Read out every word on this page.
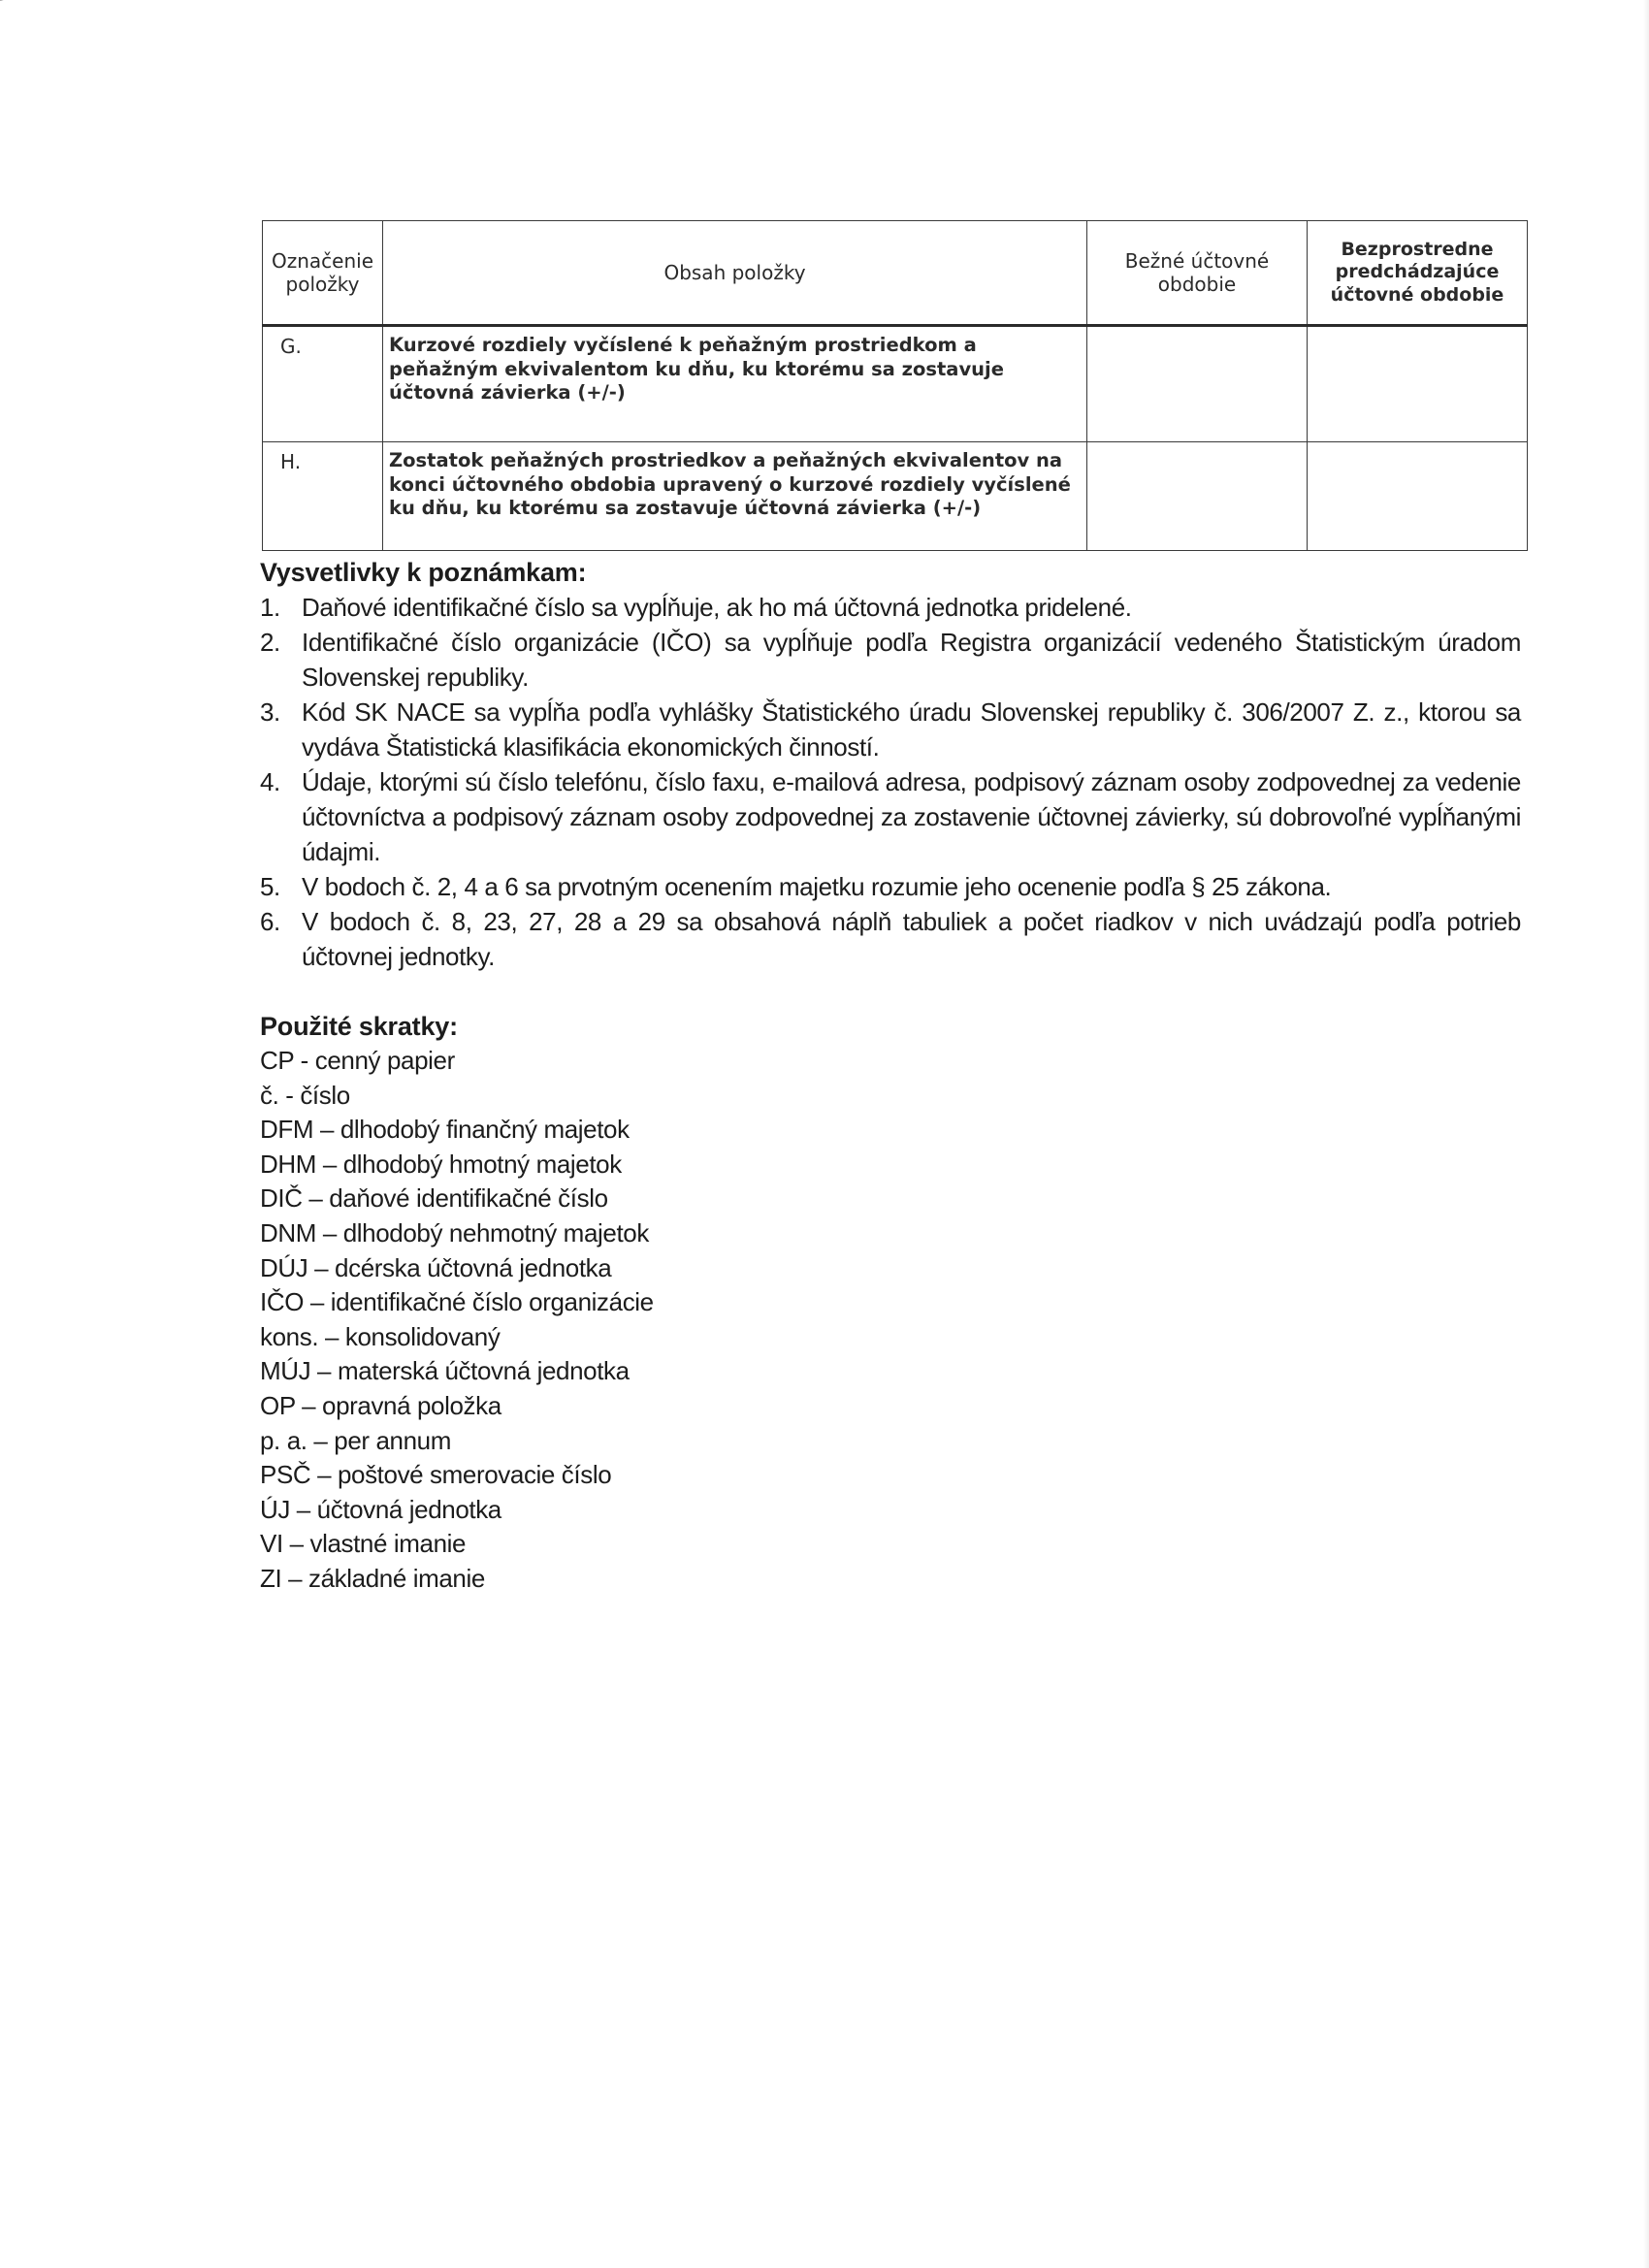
Označenie položky	Obsah položky	Bežné účtovné obdobie	Bezprostredne predchádzajúce účtovné obdobie
G.	Kurzové rozdiely vyčíslené k peňažným prostriedkom a peňažným ekvivalentom ku dňu, ku ktorému sa zostavuje účtovná závierka (+/-)		
H.	Zostatok peňažných prostriedkov a peňažných ekvivalentov na konci účtovného obdobia upravený o kurzové rozdiely vyčíslené ku dňu, ku ktorému sa zostavuje účtovná závierka (+/-)		
Vysvetlivky k poznámkam:
1. Daňové identifikačné číslo sa vypĺňuje, ak ho má účtovná jednotka pridelené.
2. Identifikačné číslo organizácie (IČO) sa vypĺňuje podľa Registra organizácií vedeného Štatistickým úradom Slovenskej republiky.
3. Kód SK NACE sa vypĺňa podľa vyhlášky Štatistického úradu Slovenskej republiky č. 306/2007 Z. z., ktorou sa vydáva Štatistická klasifikácia ekonomických činností.
4. Údaje, ktorými sú číslo telefónu, číslo faxu, e-mailová adresa, podpisový záznam osoby zodpovednej za vedenie účtovníctva a podpisový záznam osoby zodpovednej za zostavenie účtovnej závierky, sú dobrovoľné vypĺňanými údajmi.
5. V bodoch č. 2, 4 a 6 sa prvotným ocenením majetku rozumie jeho ocenenie podľa § 25 zákona.
6. V bodoch č. 8, 23, 27, 28 a 29 sa obsahová náplň tabuliek a počet riadkov v nich uvádzajú podľa potrieb účtovnej jednotky.
Použité skratky:
CP - cenný papier
č. - číslo
DFM – dlhodobý finančný majetok
DHM – dlhodobý hmotný majetok
DIČ – daňové identifikačné číslo
DNM – dlhodobý nehmotný majetok
DÚJ – dcérska účtovná jednotka
IČO – identifikačné číslo organizácie
kons. – konsolidovaný
MÚJ – materská účtovná jednotka
OP – opravná položka
p. a. – per annum
PSČ – poštové smerovacie číslo
ÚJ – účtovná jednotka
VI – vlastné imanie
ZI – základné imanie
